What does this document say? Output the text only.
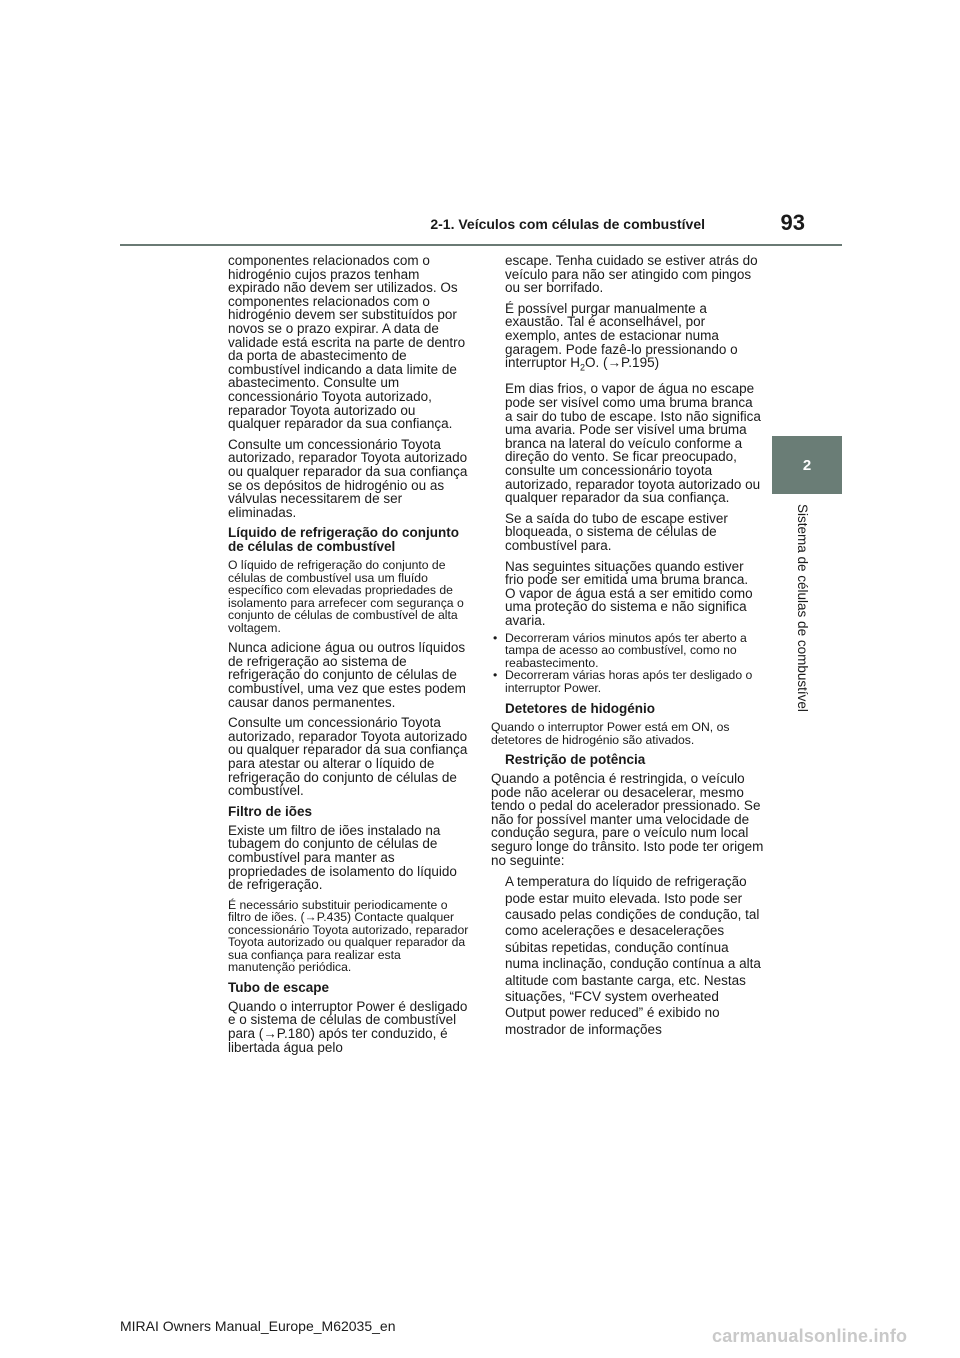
2-1. Veículos com células de combustível	93
2
Sistema de células de combustível

componentes relacionados com o hidrogénio cujos prazos tenham expirado não devem ser utilizados. Os componentes relacionados com o hidrogénio devem ser substituídos por novos se o prazo expirar. A data de validade está escrita na parte de dentro da porta de abastecimento de combustível indicando a data limite de abastecimento. Consulte um concessionário Toyota autorizado, reparador Toyota autorizado ou qualquer reparador da sua confiança.

Consulte um concessionário Toyota autorizado, reparador Toyota autorizado ou qualquer reparador da sua confiança se os depósitos de hidrogénio ou as válvulas necessitarem de ser eliminadas.

Líquido de refrigeração do conjunto de células de combustível

O líquido de refrigeração do conjunto de células de combustível usa um fluído específico com elevadas propriedades de isolamento para arrefecer com segurança o conjunto de células de combustível de alta voltagem.

Nunca adicione água ou outros líquidos de refrigeração ao sistema de refrigeração do conjunto de células de combustível, uma vez que estes podem causar danos permanentes.

Consulte um concessionário Toyota autorizado, reparador Toyota autorizado ou qualquer reparador da sua confiança para atestar ou alterar o líquido de refrigeração do conjunto de células de combustível.

Filtro de iões

Existe um filtro de iões instalado na tubagem do conjunto de células de combustível para manter as propriedades de isolamento do líquido de refrigeração.

É necessário substituir periodicamente o filtro de iões. (→P.435) Contacte qualquer concessionário Toyota autorizado, reparador Toyota autorizado ou qualquer reparador da sua confiança para realizar esta manutenção periódica.

Tubo de escape

Quando o interruptor Power é desligado e o sistema de células de combustível para (→P.180) após ter conduzido, é libertada água pelo

escape. Tenha cuidado se estiver atrás do veículo para não ser atingido com pingos ou ser borrifado.

É possível purgar manualmente a exaustão. Tal é aconselhável, por exemplo, antes de estacionar numa garagem. Pode fazê-lo pressionando o interruptor $H_2O$. (→P.195)

Em dias frios, o vapor de água no escape pode ser visível como uma bruma branca a sair do tubo de escape. Isto não significa uma avaria. Pode ser visível uma bruma branca na lateral do veículo conforme a direção do vento. Se ficar preocupado, consulte um concessionário toyota autorizado, reparador toyota autorizado ou qualquer reparador da sua confiança.

Se a saída do tubo de escape estiver bloqueada, o sistema de células de combustível para.

Nas seguintes situações quando estiver frio pode ser emitida uma bruma branca. O vapor de água está a ser emitido como uma proteção do sistema e não significa avaria.

• Decorreram vários minutos após ter aberto a tampa de acesso ao combustível, como no reabastecimento.
• Decorreram várias horas após ter desligado o interruptor Power.
Detetores de hidogénio

Quando o interruptor Power está em ON, os detetores de hidrogénio são ativados.

Restrição de potência

Quando a potência é restringida, o veículo pode não acelerar ou desacelerar, mesmo tendo o pedal do acelerador pressionado. Se não for possível manter uma velocidade de condução segura, pare o veículo num local seguro longe do trânsito. Isto pode ter origem no seguinte:

A temperatura do líquido de refrigeração pode estar muito elevada. Isto pode ser causado pelas condições de condução, tal como acelerações e desacelerações súbitas repetidas, condução contínua numa inclinação, condução contínua a alta altitude com bastante carga, etc. Nestas situações, “FCV system overheated Output power reduced” é exibido no mostrador de informações

MIRAI Owners Manual_Europe_M62035_en	carmanualsonline.info
